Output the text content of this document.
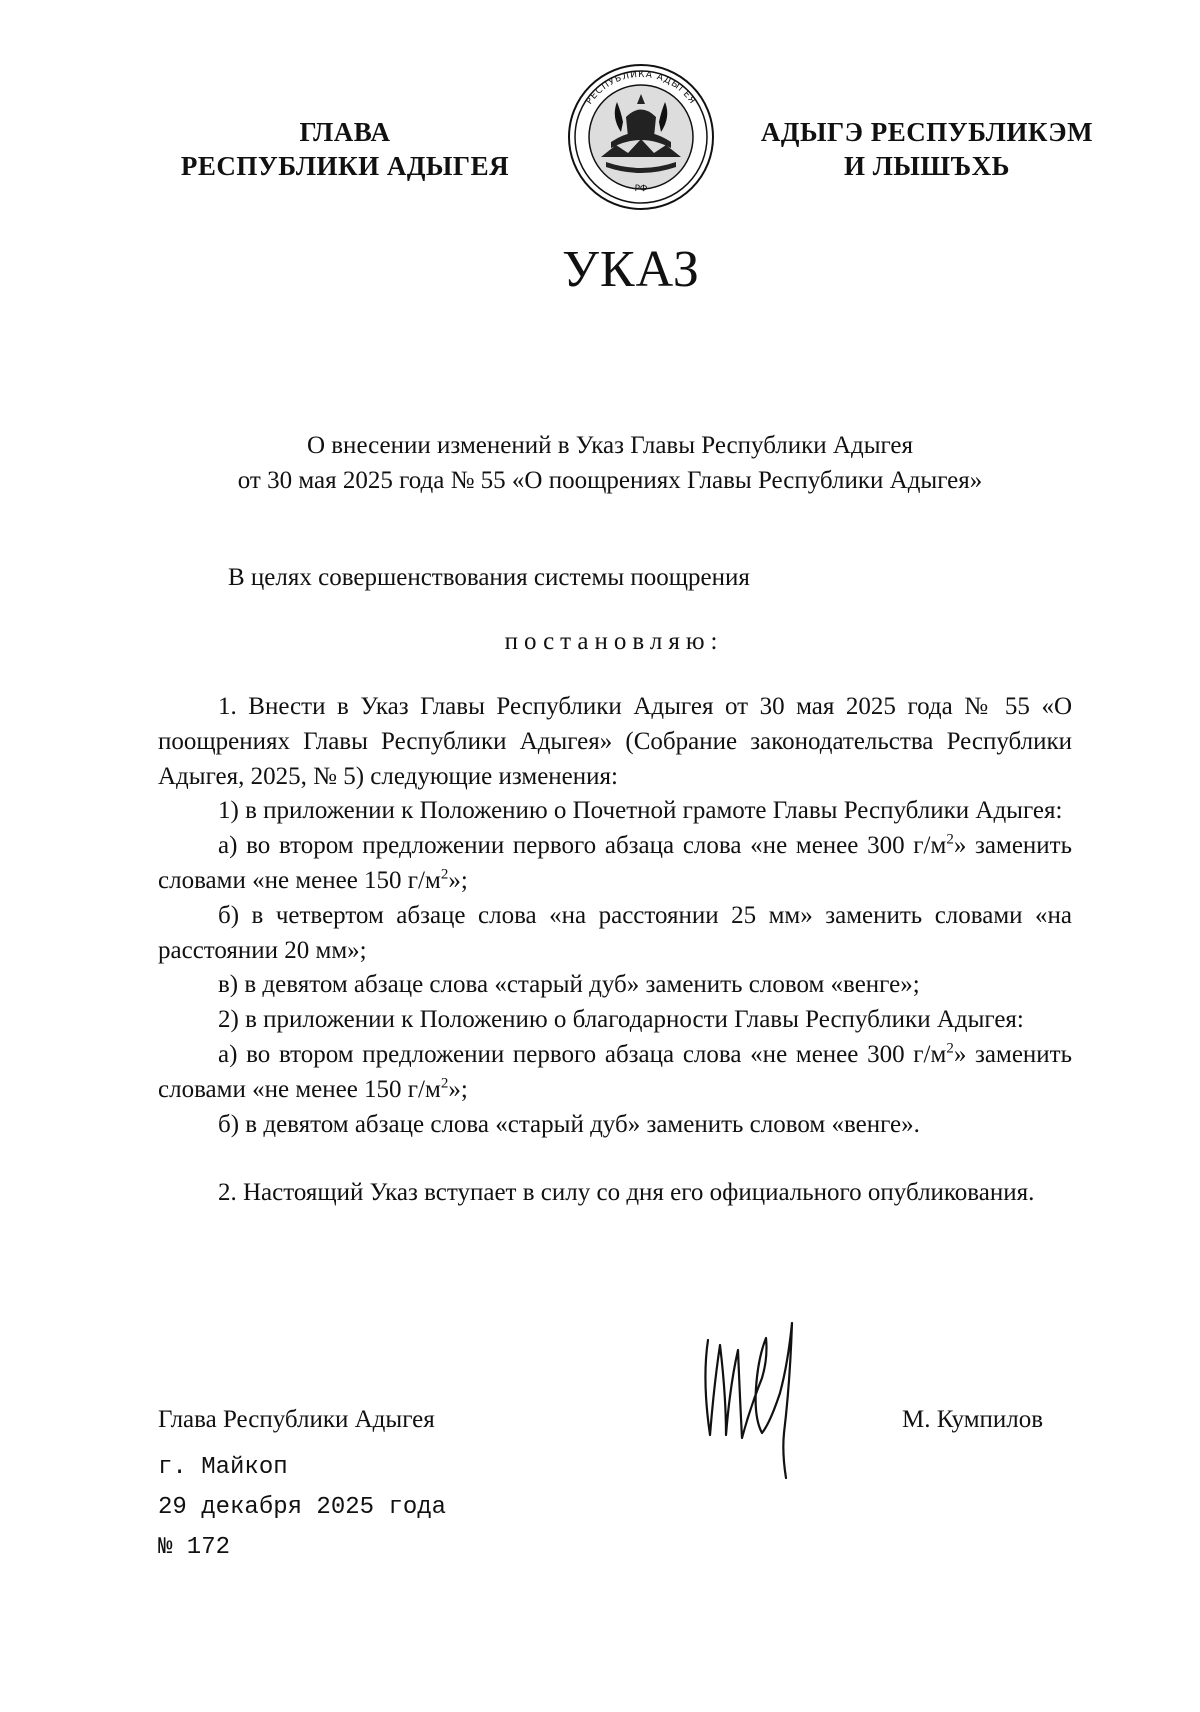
ГЛАВА
РЕСПУБЛИКИ АДЫГЕЯ
РЕСПУБЛИКА АДЫГЕЯ
РФ
АДЫГЭ РЕСПУБЛИКЭМ
И ЛЫШЪХЬ
УКАЗ
О внесении изменений в Указ Главы Республики Адыгея
от 30 мая 2025 года № 55 «О поощрениях Главы Республики Адыгея»
В целях совершенствования системы поощрения
постановляю:

1. Внести в Указ Главы Республики Адыгея от 30 мая 2025 года № 55 «О поощрениях Главы Республики Адыгея» (Собрание законодательства Республики Адыгея, 2025, № 5) следующие изменения:

1) в приложении к Положению о Почетной грамоте Главы Республики Адыгея:

а) во втором предложении первого абзаца слова «не менее 300 $г/м^2$» заменить словами «не менее 150 $г/м^2$»;

б) в четвертом абзаце слова «на расстоянии 25 мм» заменить словами «на расстоянии 20 мм»;

в) в девятом абзаце слова «старый дуб» заменить словом «венге»;

2) в приложении к Положению о благодарности Главы Республики Адыгея:

а) во втором предложении первого абзаца слова «не менее 300 $г/м^2$» заменить словами «не менее 150 $г/м^2$»;

б) в девятом абзаце слова «старый дуб» заменить словом «венге».

2. Настоящий Указ вступает в силу со дня его официального опубликования.

Глава Республики Адыгея	М. Кумпилов
г. Майкоп
29 декабря 2025 года
№ 172
